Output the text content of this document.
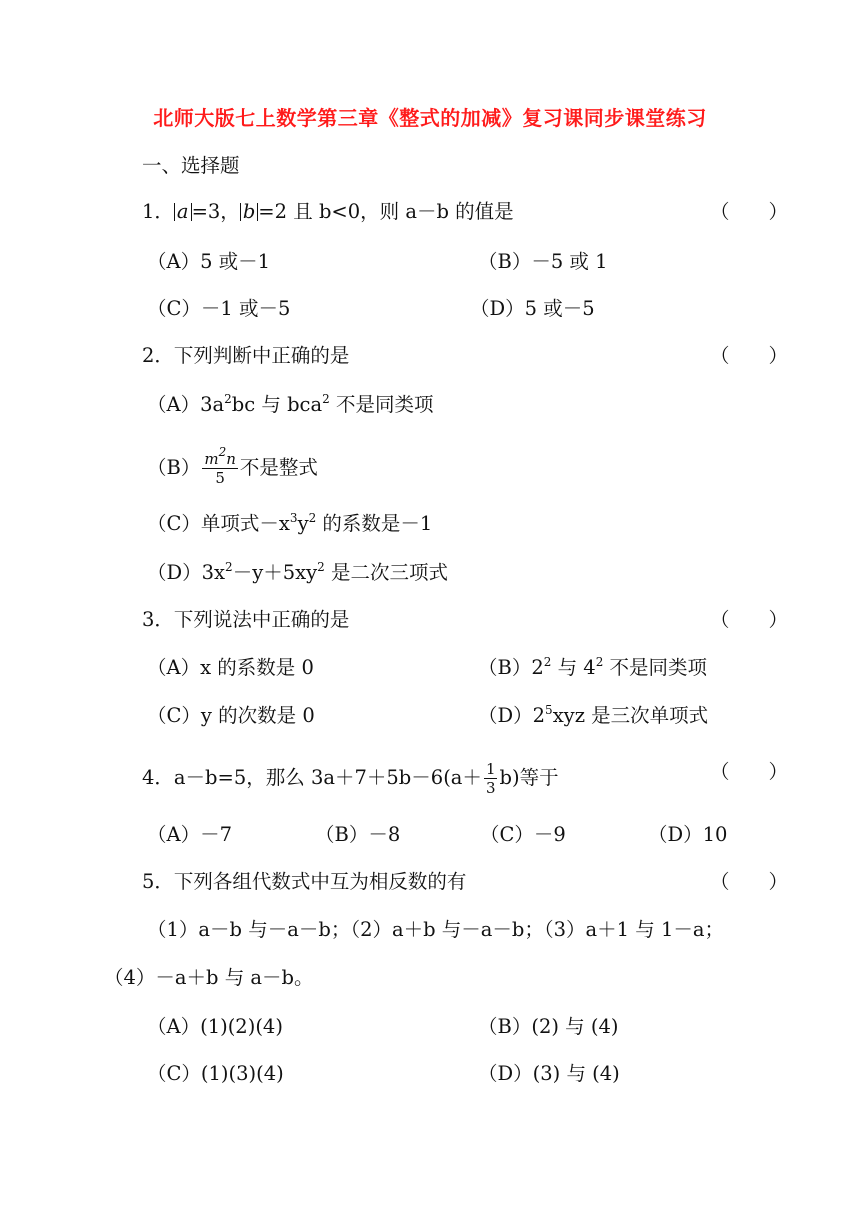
北师大版七上数学第三章《整式的加减》复习课同步课堂练习
一、选择题
1． a =3， b =2 且 b<0，则 a－b 的值是	（　　）
（A）5 或－1	（B）－5 或 1
（C）－1 或－5	（D）5 或－5
2．下列判断中正确的是	（　　）
$(A)3a^2bc$ 与 bca$^2$ 不是同类项
$(B) \frac{m^2n}{5}$ 不是整式
（C）单项式$-x^3y^2$ 的系数是－1
$(D)3x^2-y+5xy^2$ 是二次三项式
3．下列说法中正确的是	（　　）
（A）x 的系数是 0	$(B)2^2$ 与 $4^2$ 不是同类项
（C）y 的次数是 0	$(D)2^5xyz$ 是三次单项式
4．a－b=5，那么 $3a+7+5b-6(a+ \frac{1}{3} b)$等于	（　　）
（A）－7	（B）－8	（C）－9	（D）10
5．下列各组代数式中互为相反数的有	（　　）
（1）a－b 与－a－b；（2）a＋b 与－a－b；（3）a＋1 与 1－a；
（4）－a＋b 与 a－b。
（A）(1)(2)(4)	（B）(2) 与 (4)
（C）(1)(3)(4)	（D）(3) 与 (4)
